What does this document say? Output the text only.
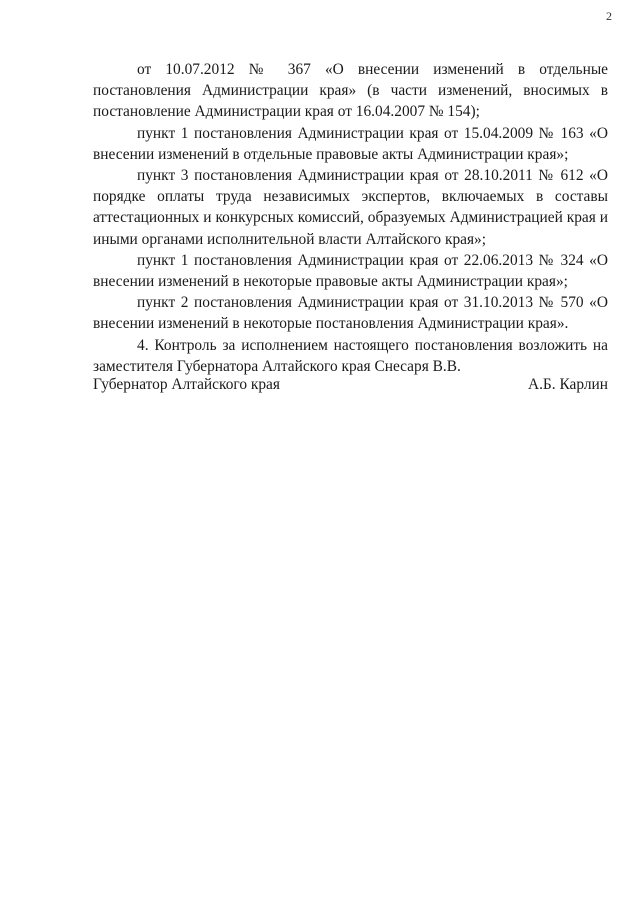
2

от 10.07.2012 № 367 «О внесении изменений в отдельные постановления Администрации края» (в части изменений, вносимых в постановление Администрации края от 16.04.2007 № 154);

пункт 1 постановления Администрации края от 15.04.2009 № 163 «О внесении изменений в отдельные правовые акты Администрации края»;

пункт 3 постановления Администрации края от 28.10.2011 № 612 «О порядке оплаты труда независимых экспертов, включаемых в составы аттестационных и конкурсных комиссий, образуемых Администрацией края и иными органами исполнительной власти Алтайского края»;

пункт 1 постановления Администрации края от 22.06.2013 № 324 «О внесении изменений в некоторые правовые акты Администрации края»;

пункт 2 постановления Администрации края от 31.10.2013 № 570 «О внесении изменений в некоторые постановления Администрации края».

4. Контроль за исполнением настоящего постановления возложить на заместителя Губернатора Алтайского края Снесаря В.В.

Губернатор Алтайского края	А.Б. Карлин
